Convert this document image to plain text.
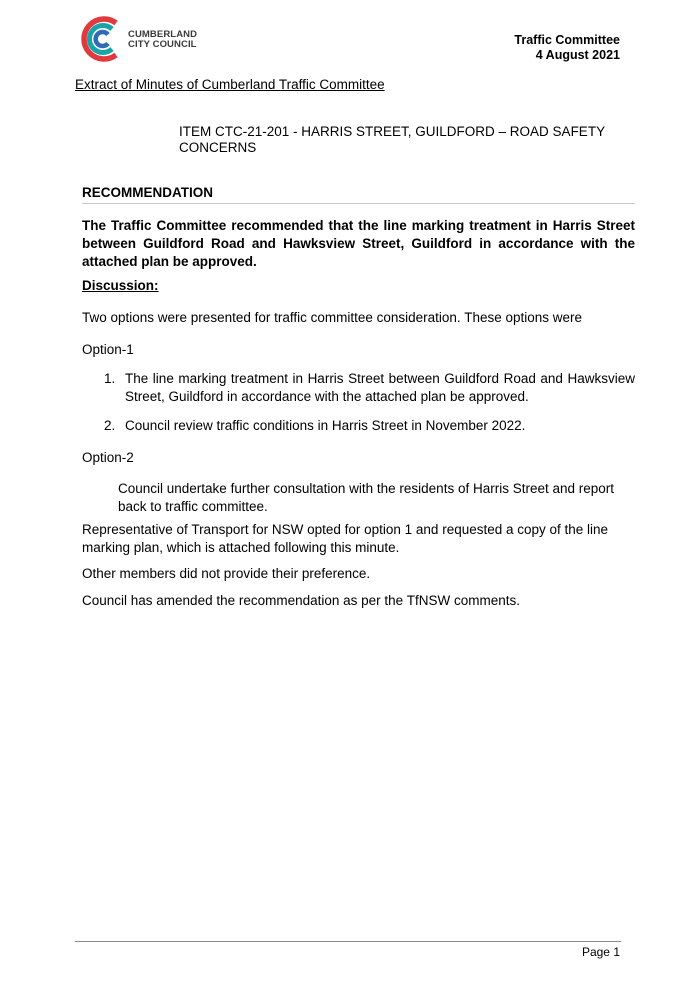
CUMBERLAND
CITY COUNCIL	Traffic Committee
4 August 2021
Extract of Minutes of Cumberland Traffic Committee
ITEM CTC-21-201 - HARRIS STREET, GUILDFORD – ROAD SAFETY
CONCERNS
RECOMMENDATION
The Traffic Committee recommended that the line marking treatment in Harris Street between Guildford Road and Hawksview Street, Guildford in accordance with the attached plan be approved.
Discussion:
Two options were presented for traffic committee consideration. These options were
Option-1
1. The line marking treatment in Harris Street between Guildford Road and Hawksview Street, Guildford in accordance with the attached plan be approved.
2. Council review traffic conditions in Harris Street in November 2022.
Option-2
Council undertake further consultation with the residents of Harris Street and report back to traffic committee.
Representative of Transport for NSW opted for option 1 and requested a copy of the line marking plan, which is attached following this minute.
Other members did not provide their preference.
Council has amended the recommendation as per the TfNSW comments.
Page 1
